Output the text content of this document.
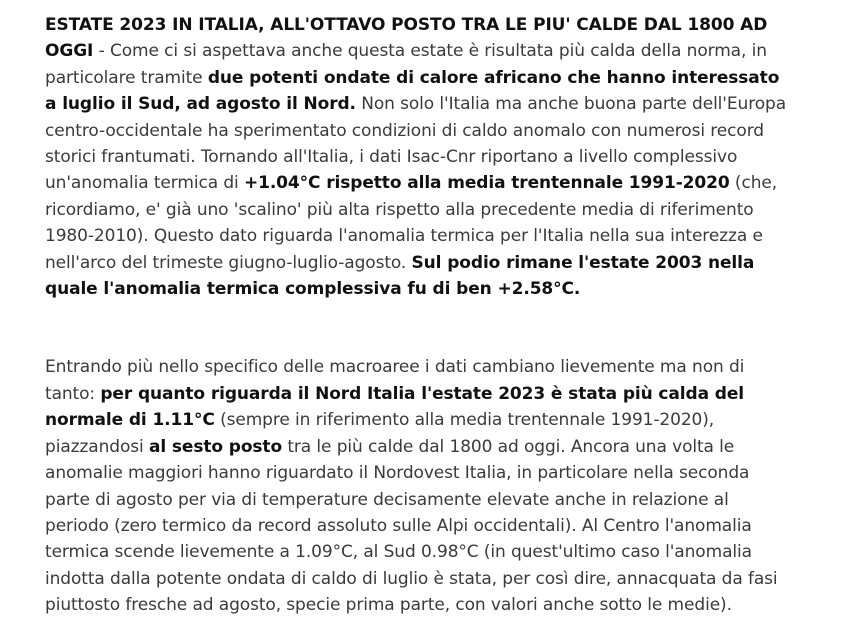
ESTATE 2023 IN ITALIA, ALL'OTTAVO POSTO TRA LE PIU' CALDE DAL 1800 AD OGGI - Come ci si aspettava anche questa estate è risultata più calda della norma, in particolare tramite due potenti ondate di calore africano che hanno interessato a luglio il Sud, ad agosto il Nord. Non solo l'Italia ma anche buona parte dell'Europa centro-occidentale ha sperimentato condizioni di caldo anomalo con numerosi record storici frantumati. Tornando all'Italia, i dati Isac-Cnr riportano a livello complessivo un'anomalia termica di +1.04°C rispetto alla media trentennale 1991-2020 (che, ricordiamo, e' già uno 'scalino' più alta rispetto alla precedente media di riferimento 1980-2010). Questo dato riguarda l'anomalia termica per l'Italia nella sua interezza e nell'arco del trimeste giugno-luglio-agosto. Sul podio rimane l'estate 2003 nella quale l'anomalia termica complessiva fu di ben +2.58°C.

Entrando più nello specifico delle macroaree i dati cambiano lievemente ma non di tanto: per quanto riguarda il Nord Italia l'estate 2023 è stata più calda del normale di 1.11°C (sempre in riferimento alla media trentennale 1991-2020), piazzandosi al sesto posto tra le più calde dal 1800 ad oggi. Ancora una volta le anomalie maggiori hanno riguardato il Nordovest Italia, in particolare nella seconda parte di agosto per via di temperature decisamente elevate anche in relazione al periodo (zero termico da record assoluto sulle Alpi occidentali). Al Centro l'anomalia termica scende lievemente a 1.09°C, al Sud 0.98°C (in quest'ultimo caso l'anomalia indotta dalla potente ondata di caldo di luglio è stata, per così dire, annacquata da fasi piuttosto fresche ad agosto, specie prima parte, con valori anche sotto le medie).
